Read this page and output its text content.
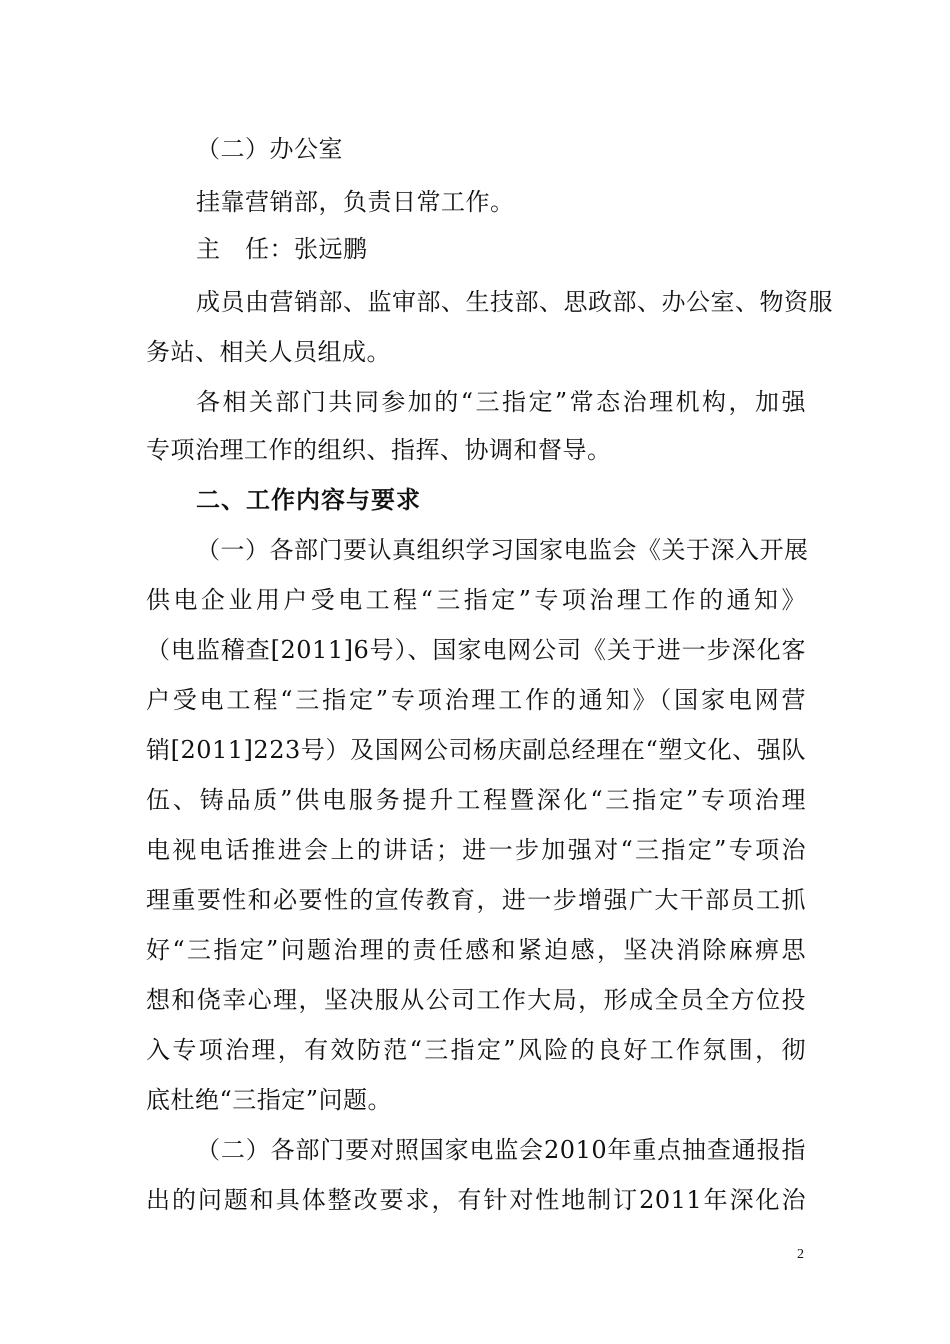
（二）办公室
挂靠营销部，负责日常工作。
主　任：张远鹏
成员由营销部、监审部、生技部、思政部、办公室、物资服
务站、相关人员组成。
各相关部门共同参加的“三指定”常态治理机构，加强
专项治理工作的组织、指挥、协调和督导。
二、工作内容与要求
（一）各部门要认真组织学习国家电监会《关于深入开展
供电企业用户受电工程“三指定”专项治理工作的通知》
（电监稽查[2011]6号）、国家电网公司《关于进一步深化客
户受电工程“三指定”专项治理工作的通知》（国家电网营
销[2011]223号）及国网公司杨庆副总经理在“塑文化、强队
伍、铸品质”供电服务提升工程暨深化“三指定”专项治理
电视电话推进会上的讲话；进一步加强对“三指定”专项治
理重要性和必要性的宣传教育，进一步增强广大干部员工抓
好“三指定”问题治理的责任感和紧迫感，坚决消除麻痹思
想和侥幸心理，坚决服从公司工作大局，形成全员全方位投
入专项治理，有效防范“三指定”风险的良好工作氛围，彻
底杜绝“三指定”问题。
（二）各部门要对照国家电监会2010年重点抽查通报指
出的问题和具体整改要求，有针对性地制订2011年深化治
2
